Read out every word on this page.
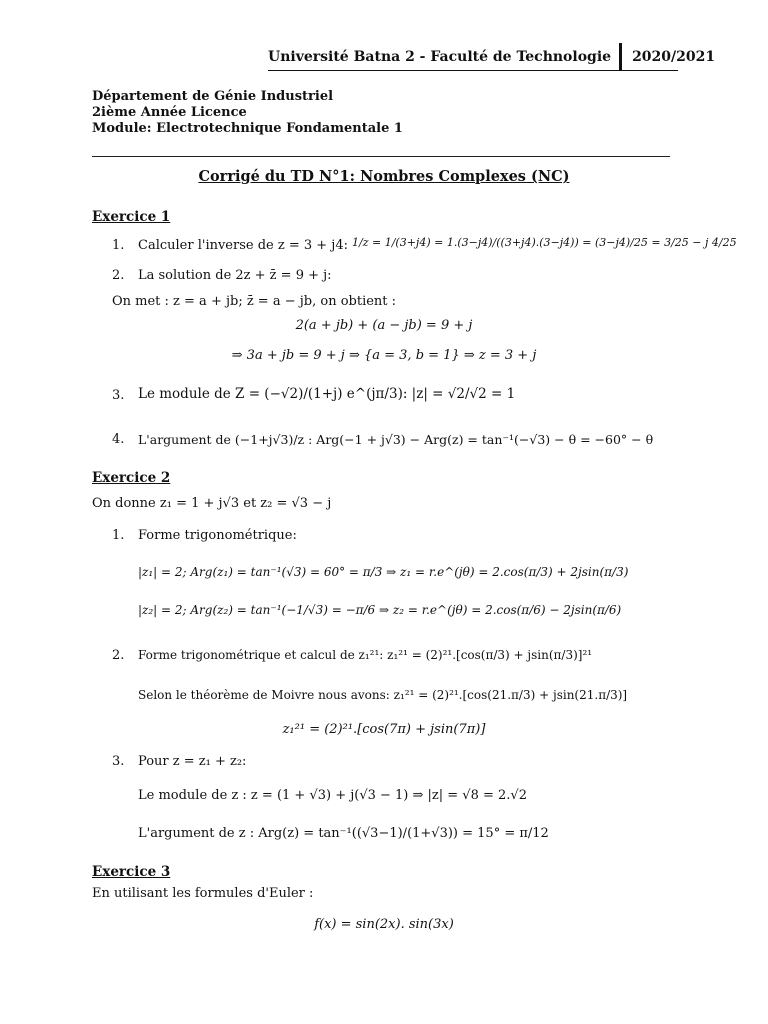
Université Batna 2 - Faculté de Technologie	2020/2021
Département de Génie Industriel
2ième Année Licence
Module: Electrotechnique Fondamentale 1
Corrigé du TD N°1: Nombres Complexes (NC)
Exercice 1
1. Calculer l'inverse de z = 3 + j4: 1/z = 1/(3+j4) = 1.(3−j4)/((3+j4).(3−j4)) = (3−j4)/25 = 3/25 − j 4/25
2. La solution de 2z + z̄ = 9 + j:
On met : z = a + jb; z̄ = a − jb, on obtient :
2(a + jb) + (a − jb) = 9 + j
⇒ 3a + jb = 9 + j ⇒ {a = 3, b = 1} ⇒ z = 3 + j
3. Le module de Z = (−√2)/(1+j) e^(jπ/3): |z| = √2/√2 = 1
4. L'argument de (−1+j√3)/z : Arg(−1 + j√3) − Arg(z) = tan⁻¹(−√3) − θ = −60° − θ
Exercice 2
On donne z₁ = 1 + j√3 et z₂ = √3 − j
1. Forme trigonométrique:
|z₁| = 2; Arg(z₁) = tan⁻¹(√3) = 60° = π/3 ⇒ z₁ = r.e^(jθ) = 2.cos(π/3) + 2jsin(π/3)
|z₂| = 2; Arg(z₂) = tan⁻¹(−1/√3) = −π/6 ⇒ z₂ = r.e^(jθ) = 2.cos(π/6) − 2jsin(π/6)
2. Forme trigonométrique et calcul de z₁²¹: z₁²¹ = (2)²¹.[cos(π/3) + jsin(π/3)]²¹
Selon le théorème de Moivre nous avons: z₁²¹ = (2)²¹.[cos(21.π/3) + jsin(21.π/3)]
z₁²¹ = (2)²¹.[cos(7π) + jsin(7π)]
3. Pour z = z₁ + z₂:
Le module de z : z = (1 + √3) + j(√3 − 1) ⇒ |z| = √8 = 2.√2
L'argument de z : Arg(z) = tan⁻¹((√3−1)/(1+√3)) = 15° = π/12
Exercice 3
En utilisant les formules d'Euler :
f(x) = sin(2x). sin(3x)
